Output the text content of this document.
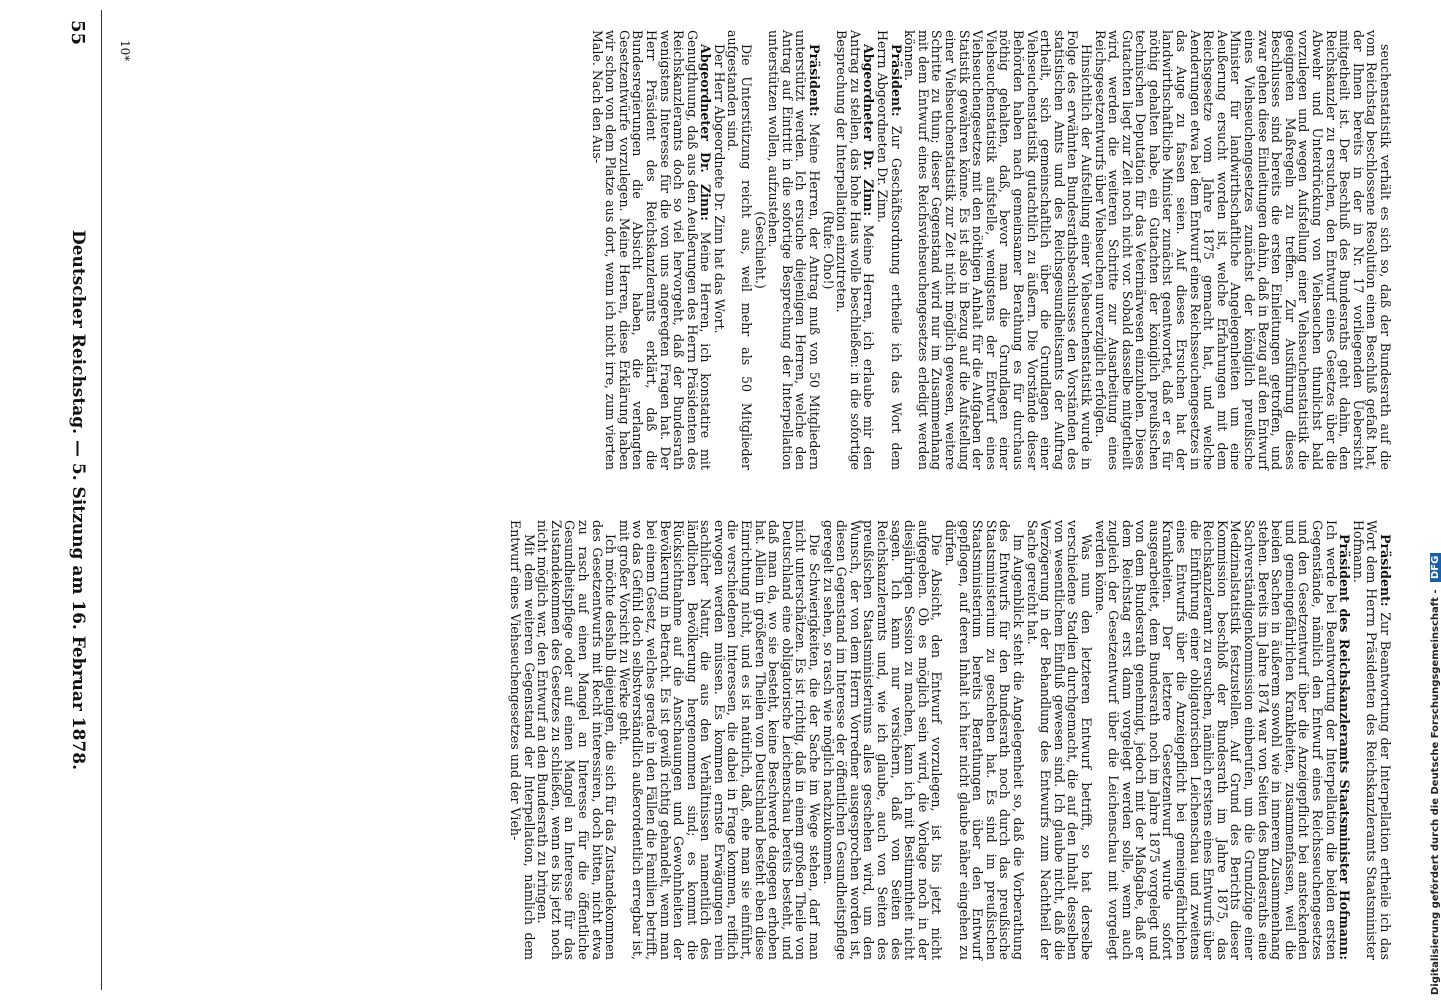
55
Deutscher Reichstag. — 5. Sitzung am 16. Februar 1878.	Präsident: Zur Beantwortung der Interpellation ertheile ich das Wort dem Herrn Präsidenten des Reichskanzleramts Staatsminister Hofmann.

Präsident des Reichskanzleramts Staatsminister Hofmann: Ich werde bei Beantwortung der Interpellation die beiden ersten Gegenstände, nämlich den Entwurf eines Reichsseuchengesetzes und den Gesetzentwurf über die Anzeigepflicht bei ansteckenden und gemeingefährlichen Krankheiten, zusammenfassen, weil die beiden Sachen in äußerem sowohl wie in innerem Zusammenhang stehen. Bereits im Jahre 1874 war von Seiten des Bundesraths eine Sachverständigenkommission einberufen, um die Grundzüge einer Medizinalstatistik festzustellen. Auf Grund des Berichts dieser Kommission beschloß der Bundesrath im Jahre 1875, das Reichskanzleramt zu ersuchen, nämlich erstens eines Entwurfs über die Einführung einer obligatorischen Leichenschau und zweitens eines Entwurfs über die Anzeigepflicht bei gemeingefährlichen Krankheiten. Der letztere Gesetzentwurf wurde sofort ausgearbeitet, dem Bundesrath noch im Jahre 1875 vorgelegt und von dem Bundesrath genehmigt, jedoch mit der Maßgabe, daß er dem Reichstag erst dann vorgelegt werden solle, wenn auch zugleich der Gesetzentwurf über die Leichenschau mit vorgelegt werden könne.

Was nun den letzteren Entwurf betrifft, so hat derselbe verschiedene Stadien durchgemacht, die auf den Inhalt desselben von wesentlichem Einfluß gewesen sind. Ich glaube nicht, daß die Verzögerung in der Behandlung des Entwurfs zum Nachtheil der Sache gereicht hat.

Im Augenblick steht die Angelegenheit so, daß die Vorberathung des Entwurfs für den Bundesrath noch durch das preußische Staatsministerium zu geschehen hat. Es sind im preußischen Staatsministerium bereits Berathungen über den Entwurf gepflogen, auf deren Inhalt ich hier nicht glaube näher eingehen zu dürfen.

Die Absicht, den Entwurf vorzulegen, ist bis jetzt nicht aufgegeben. Ob es möglich sein wird, die Vorlage noch in der diesjährigen Session zu machen, kann ich mit Bestimmtheit nicht sagen. Ich kann nur versichern, daß von Seiten des Reichskanzleramts und, wie ich glaube, auch von Seiten des preußischen Staatsministeriums alles geschehen wird, um den Wunsch, der von dem Herrn Vorredner ausgesprochen worden ist, diesen Gegenstand im Interesse der öffentlichen Gesundheitspflege geregelt zu sehen, so rasch wie möglich nachzukommen.

Die Schwierigkeiten, die der Sache im Wege stehen, darf man nicht unterschätzen. Es ist richtig, daß in einem großen Theile von Deutschland eine obligatorische Leichenschau bereits besteht, und daß man da, wo sie besteht, keine Beschwerde dagegen erhoben hat. Allein in größeren Theilen von Deutschland besteht eben diese Einrichtung nicht, und es ist natürlich, daß, ehe man sie einführt, die verschiedenen Interessen, die dabei in Frage kommen, reiflich erwogen werden müssen. Es kommen ernste Erwägungen rein sachlicher Natur, die aus den Verhältnissen namentlich des ländlichen Bevölkerung hergenommen sind; es kommt die Rücksichtnahme auf die Anschauungen und Gewohnheiten der Bevölkerung in Betracht. Es ist gewiß richtig gehandelt, wenn man bei einem Gesetz, welches gerade in den Fällen die Familien betrifft, wo das Gefühl doch selbstverständlich außerordentlich erregbar ist, mit großer Vorsicht zu Werke geht.

Ich möchte deshalb diejenigen, die sich für das Zustandekommen des Gesetzentwurfs mit Recht interessiren, doch bitten, nicht etwa zu rasch auf einen Mangel an Interesse für die öffentliche Gesundheitspflege oder auf einen Mangel an Interesse für das Zustandekommen des Gesetzes zu schließen, wenn es bis jetzt noch nicht möglich war, den Entwurf an den Bundesrath zu bringen.

Mit dem weiteren Gegenstand der Interpellation, nämlich dem Entwurf eines Viehseuchengesetzes und der Vieh-

seuchenstatistik verhält es sich so, daß der Bundesrath auf die vom Reichstag beschlossene Resolution einen Beschluß gefaßt hat, der Ihnen bereits in der in Nr. 17 vorliegenden Uebersicht mitgetheilt ist. Der Beschluß des Bundesraths geht dahin, den Reichskanzler zu ersuchen, den Entwurf eines Gesetzes über die Abwehr und Unterdrückung von Viehseuchen thunlichst bald vorzulegen und wegen Aufstellung einer Viehseuchenstatistik die geeigneten Maßregeln zu treffen. Zur Ausführung dieses Beschlusses sind bereits die ersten Einleitungen getroffen, und zwar gehen diese Einleitungen dahin, daß in Bezug auf den Entwurf eines Viehseuchengesetzes zunächst der königlich preußische Minister für landwirthschaftliche Angelegenheiten um eine Aeußerung ersucht worden ist, welche Erfahrungen mit dem Reichsgesetze vom Jahre 1875 gemacht hat, und welche Aenderungen etwa bei dem Entwurf eines Reichsseuchengesetzes in das Auge zu fassen seien. Auf dieses Ersuchen hat der landwirthschaftliche Minister zunächst geantwortet, daß er es für nöthig gehalten habe, ein Gutachten der königlich preußischen technischen Deputation für das Veterinärwesen einzuholen. Dieses Gutachten liegt zur Zeit noch nicht vor. Sobald dasselbe mitgetheilt wird, werden die weiteren Schritte zur Ausarbeitung eines Reichsgesetzentwurfs über Viehseuchen unverzüglich erfolgen.

Hinsichtlich der Aufstellung einer Viehseuchenstatistik wurde in Folge des erwähnten Bundesrathsbeschlusses den Vorständen des statistischen Amts und des Reichsgesundheitsamts der Auftrag ertheilt, sich gemeinschaftlich über die Grundlagen einer Viehseuchenstatistik gutachtlich zu äußern. Die Vorstände dieser Behörden haben nach gemeinsamer Berathung es für durchaus nöthig gehalten, daß, bevor man die Grundlagen einer Viehseuchenstatistik aufstelle, wenigstens der Entwurf eines Viehseuchengesetzes mit den nöthigen Anhalt für die Aufgaben der Statistik gewähren könne. Es ist also in Bezug auf die Aufstellung einer Viehseuchenstatistik zur Zeit nicht möglich gewesen, weitere Schritte zu thun; dieser Gegenstand wird nur im Zusammenhang mit dem Entwurf eines Reichsviehseuchengesetzes erledigt werden können.

Präsident: Zur Geschäftsordnung ertheile ich das Wort dem Herrn Abgeordneten Dr. Zinn.

Abgeordneter Dr. Zinn: Meine Herren, ich erlaube mir den Antrag zu stellen, das hohe Haus wolle beschließen: in die sofortige Besprechung der Interpellation einzutreten.

(Rufe: Oho!)

Präsident: Meine Herren, der Antrag muß von 50 Mitgliedern unterstützt werden. Ich ersuche diejenigen Herren, welche den Antrag auf Eintritt in die sofortige Besprechung der Interpellation unterstützen wollen, aufzustehen.

(Geschieht.)

Die Unterstützung reicht aus, weil mehr als 50 Mitglieder aufgestanden sind.

Der Herr Abgeordnete Dr. Zinn hat das Wort.

Abgeordneter Dr. Zinn: Meine Herren, ich konstatire mit Genugthuung, daß aus den Aeußerungen des Herrn Präsidenten des Reichskanzleramts doch so viel hervorgeht, daß der Bundesrath wenigstens Interesse für die von uns angeregten Fragen hat. Der Herr Präsident des Reichskanzleramts erklärt, daß die Bundesregierungen die Absicht haben, die verlangten Gesetzentwürfe vorzulegen. Meine Herren, diese Erklärung haben wir schon von dem Platze aus dort, wenn ich nicht irre, zum vierten Male. Nach den Aus-

10*
Digitalisierung gefördert durch die Deutsche Forschungsgemeinschaft - DFG
